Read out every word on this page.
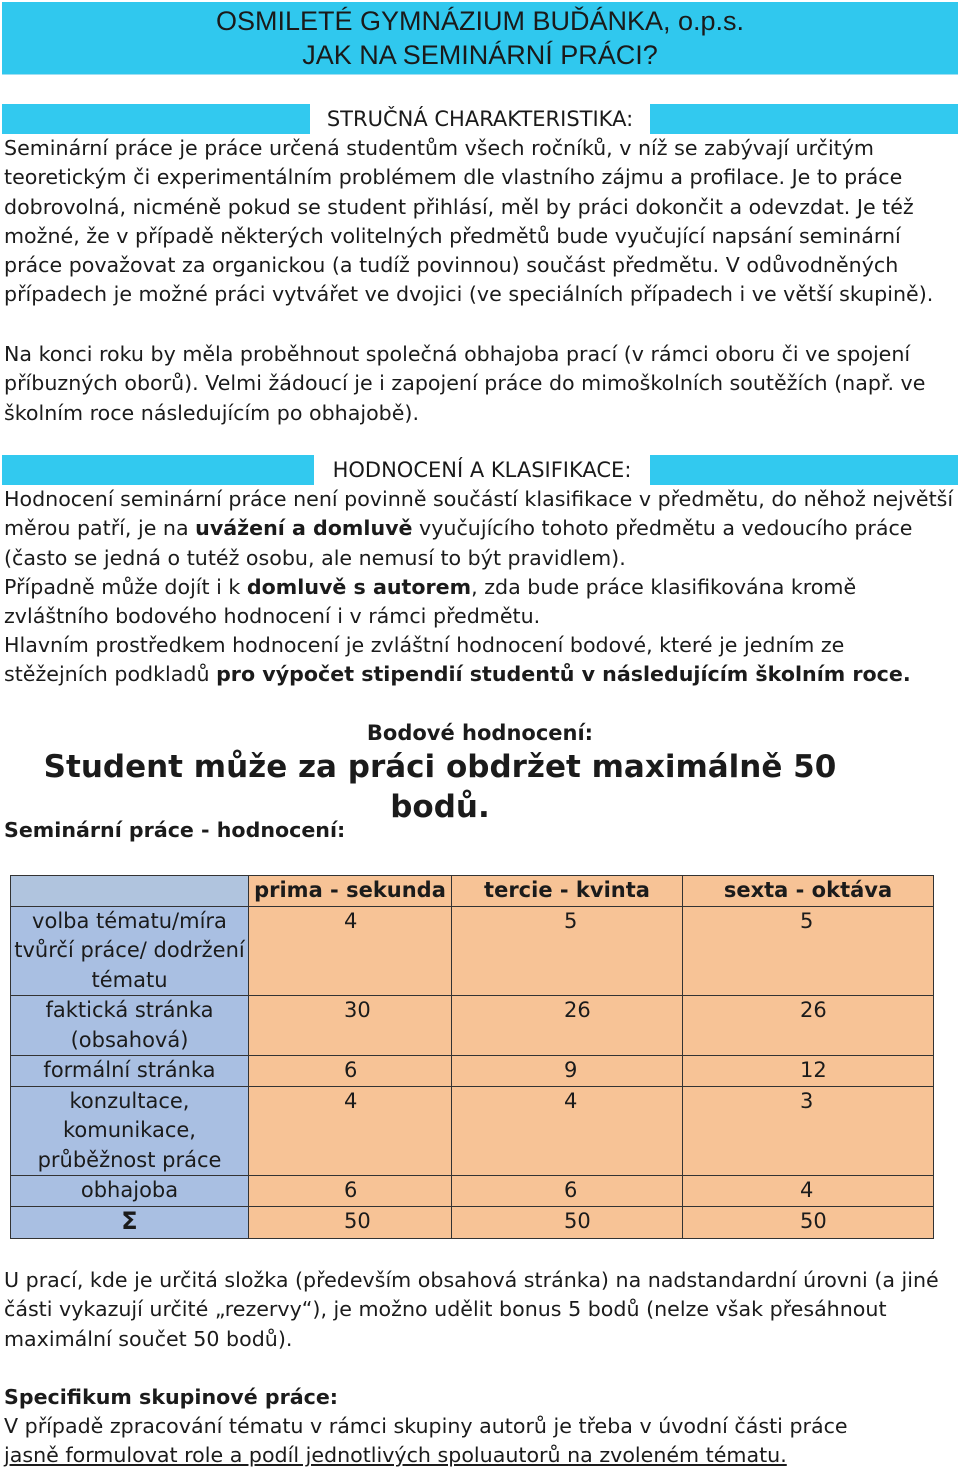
OSMILETÉ GYMNÁZIUM BUĎÁNKA, o.p.s.
JAK NA SEMINÁRNÍ PRÁCI?
STRUČNÁ CHARAKTERISTIKA:

Seminární práce je práce určená studentům všech ročníků, v níž se zabývají určitým teoretickým či experimentálním problémem dle vlastního zájmu a profilace. Je to práce dobrovolná, nicméně pokud se student přihlásí, měl by práci dokončit a odevzdat. Je též možné, že v případě některých volitelných předmětů bude vyučující napsání seminární práce považovat za organickou (a tudíž povinnou) součást předmětu. V odůvodněných případech je možné práci vytvářet ve dvojici (ve speciálních případech i ve větší skupině).

Na konci roku by měla proběhnout společná obhajoba prací (v rámci oboru či ve spojení příbuzných oborů). Velmi žádoucí je i zapojení práce do mimoškolních soutěžích (např. ve školním roce následujícím po obhajobě).

HODNOCENÍ A KLASIFIKACE:

Hodnocení seminární práce není povinně součástí klasifikace v předmětu, do něhož největší měrou patří, je na uvážení a domluvě vyučujícího tohoto předmětu a vedoucího práce (často se jedná o tutéž osobu, ale nemusí to být pravidlem).

Případně může dojít i k domluvě s autorem, zda bude práce klasifikována kromě zvláštního bodového hodnocení i v rámci předmětu.

Hlavním prostředkem hodnocení je zvláštní hodnocení bodové, které je jedním ze stěžejních podkladů pro výpočet stipendií studentů v následujícím školním roce.

Bodové hodnocení:
Student může za práci obdržet maximálně 50 bodů.
Seminární práce - hodnocení:
	prima - sekunda	tercie - kvinta	sexta - oktáva
volba tématu/míra tvůrčí práce/ dodržení tématu	4	5	5
faktická stránka (obsahová)	30	26	26
formální stránka	6	9	12
konzultace, komunikace, průběžnost práce	4	4	3
obhajoba	6	6	4
Σ	50	50	50

U prací, kde je určitá složka (především obsahová stránka) na nadstandardní úrovni (a jiné části vykazují určité „rezervy“), je možno udělit bonus 5 bodů (nelze však přesáhnout maximální součet 50 bodů).

Specifikum skupinové práce:
V případě zpracování tématu v rámci skupiny autorů je třeba v úvodní části práce
jasně formulovat role a podíl jednotlivých spoluautorů na zvoleném tématu.
